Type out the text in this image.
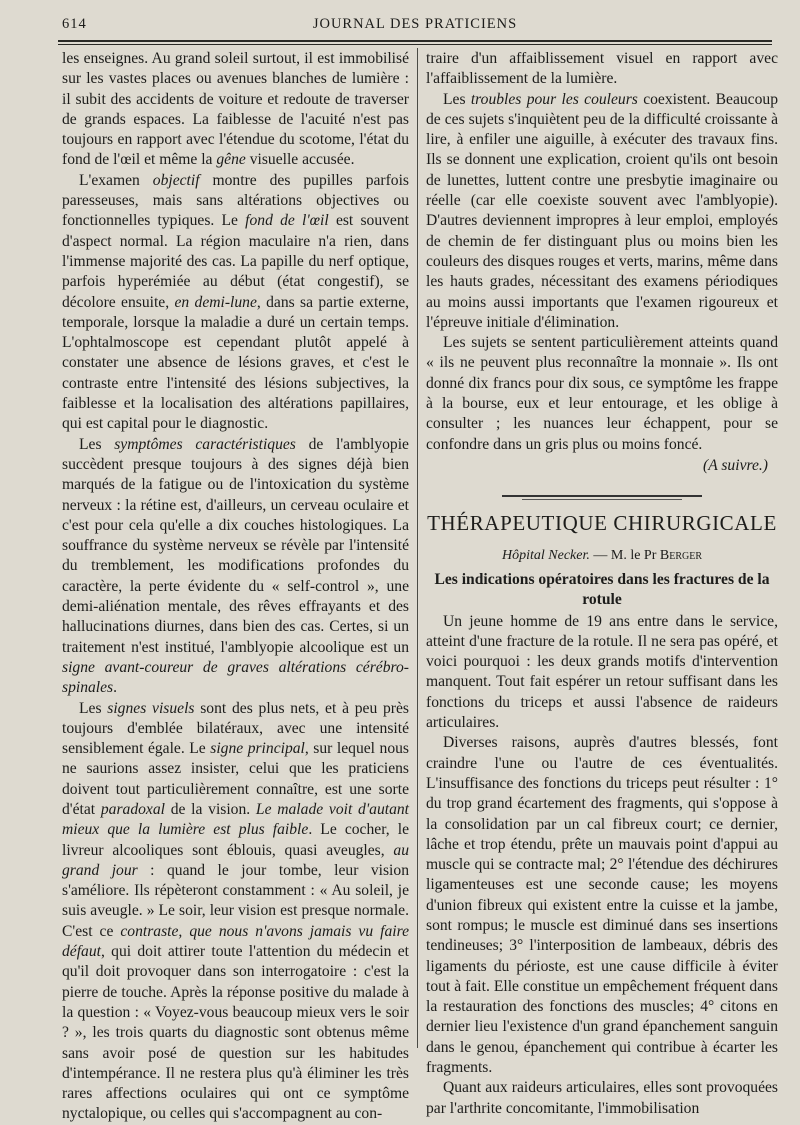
614	JOURNAL DES PRATICIENS

les enseignes. Au grand soleil surtout, il est immobilisé sur les vastes places ou avenues blanches de lumière : il subit des accidents de voiture et redoute de traverser de grands espaces. La faiblesse de l'acuité n'est pas toujours en rapport avec l'étendue du scotome, l'état du fond de l'œil et même la gêne visuelle accusée.

L'examen objectif montre des pupilles parfois paresseuses, mais sans altérations objectives ou fonctionnelles typiques. Le fond de l'œil est souvent d'aspect normal. La région maculaire n'a rien, dans l'immense majorité des cas. La papille du nerf optique, parfois hyperémiée au début (état congestif), se décolore ensuite, en demi-lune, dans sa partie externe, temporale, lorsque la maladie a duré un certain temps. L'ophtalmoscope est cependant plutôt appelé à constater une absence de lésions graves, et c'est le contraste entre l'intensité des lésions subjectives, la faiblesse et la localisation des altérations papillaires, qui est capital pour le diagnostic.

Les symptômes caractéristiques de l'amblyopie succèdent presque toujours à des signes déjà bien marqués de la fatigue ou de l'intoxication du système nerveux : la rétine est, d'ailleurs, un cerveau oculaire et c'est pour cela qu'elle a dix couches histologiques. La souffrance du système nerveux se révèle par l'intensité du tremblement, les modifications profondes du caractère, la perte évidente du « self-control », une demi-aliénation mentale, des rêves effrayants et des hallucinations diurnes, dans bien des cas. Certes, si un traitement n'est institué, l'amblyopie alcoolique est un signe avant-coureur de graves altérations cérébro-spinales.

Les signes visuels sont des plus nets, et à peu près toujours d'emblée bilatéraux, avec une intensité sensiblement égale. Le signe principal, sur lequel nous ne saurions assez insister, celui que les praticiens doivent tout particulièrement connaître, est une sorte d'état paradoxal de la vision. Le malade voit d'autant mieux que la lumière est plus faible. Le cocher, le livreur alcooliques sont éblouis, quasi aveugles, au grand jour : quand le jour tombe, leur vision s'améliore. Ils répèteront constamment : « Au soleil, je suis aveugle. » Le soir, leur vision est presque normale. C'est ce contraste, que nous n'avons jamais vu faire défaut, qui doit attirer toute l'attention du médecin et qu'il doit provoquer dans son interrogatoire : c'est la pierre de touche. Après la réponse positive du malade à la question : « Voyez-vous beaucoup mieux vers le soir ? », les trois quarts du diagnostic sont obtenus même sans avoir posé de question sur les habitudes d'intempérance. Il ne restera plus qu'à éliminer les très rares affections oculaires qui ont ce symptôme nyctalopique, ou celles qui s'accompagnent au con-

traire d'un affaiblissement visuel en rapport avec l'affaiblissement de la lumière.

Les troubles pour les couleurs coexistent. Beaucoup de ces sujets s'inquiètent peu de la difficulté croissante à lire, à enfiler une aiguille, à exécuter des travaux fins. Ils se donnent une explication, croient qu'ils ont besoin de lunettes, luttent contre une presbytie imaginaire ou réelle (car elle coexiste souvent avec l'amblyopie). D'autres deviennent impropres à leur emploi, employés de chemin de fer distinguant plus ou moins bien les couleurs des disques rouges et verts, marins, même dans les hauts grades, nécessitant des examens périodiques au moins aussi importants que l'examen rigoureux et l'épreuve initiale d'élimination.

Les sujets se sentent particulièrement atteints quand « ils ne peuvent plus reconnaître la monnaie ». Ils ont donné dix francs pour dix sous, ce symptôme les frappe à la bourse, eux et leur entourage, et les oblige à consulter ; les nuances leur échappent, pour se confondre dans un gris plus ou moins foncé.

(A suivre.)

THÉRAPEUTIQUE CHIRURGICALE
Hôpital Necker. — M. le Pr Berger
Les indications opératoires dans les fractures de la rotule

Un jeune homme de 19 ans entre dans le service, atteint d'une fracture de la rotule. Il ne sera pas opéré, et voici pourquoi : les deux grands motifs d'intervention manquent. Tout fait espérer un retour suffisant dans les fonctions du triceps et aussi l'absence de raideurs articulaires.

Diverses raisons, auprès d'autres blessés, font craindre l'une ou l'autre de ces éventualités. L'insuffisance des fonctions du triceps peut résulter : 1° du trop grand écartement des fragments, qui s'oppose à la consolidation par un cal fibreux court; ce dernier, lâche et trop étendu, prête un mauvais point d'appui au muscle qui se contracte mal; 2° l'étendue des déchirures ligamenteuses est une seconde cause; les moyens d'union fibreux qui existent entre la cuisse et la jambe, sont rompus; le muscle est diminué dans ses insertions tendineuses; 3° l'interposition de lambeaux, débris des ligaments du périoste, est une cause difficile à éviter tout à fait. Elle constitue un empêchement fréquent dans la restauration des fonctions des muscles; 4° citons en dernier lieu l'existence d'un grand épanchement sanguin dans le genou, épanchement qui contribue à écarter les fragments.

Quant aux raideurs articulaires, elles sont provoquées par l'arthrite concomitante, l'immobilisation
